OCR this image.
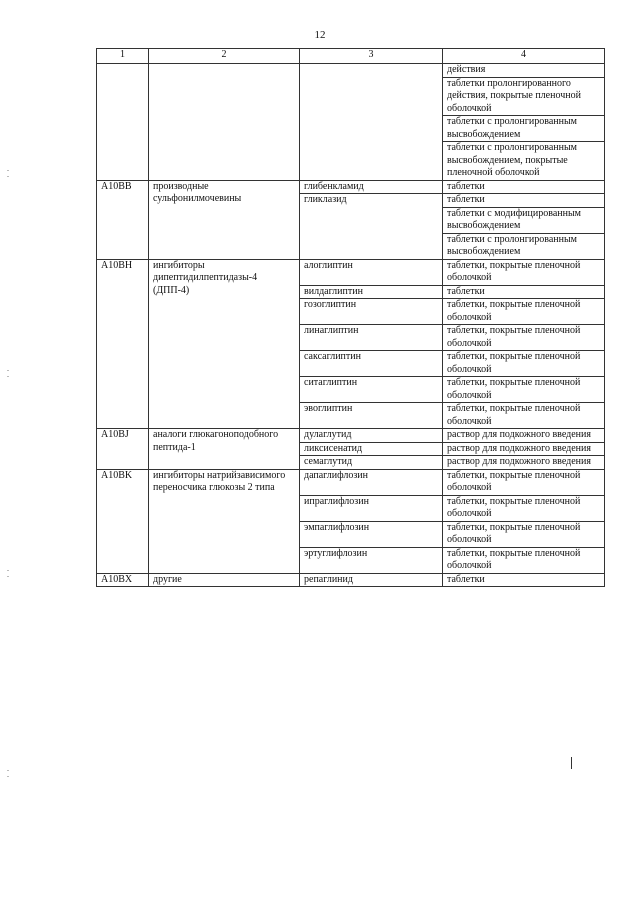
12
1	2	3	4
			действия
			таблетки пролонгированного действия, покрытые пленочной оболочкой
			таблетки с пролонгированным высвобождением
			таблетки с пролонгированным высвобождением, покрытые пленочной оболочкой
A10BB	производные сульфонилмочевины	глибенкламид	таблетки
		гликлазид	таблетки
			таблетки с модифицированным высвобождением
			таблетки с пролонгированным высвобождением
A10BH	ингибиторы дипептидилпептидазы-4 (ДПП-4)	алоглиптин	таблетки, покрытые пленочной оболочкой
		вилдаглиптин	таблетки
		гозоглиптин	таблетки, покрытые пленочной оболочкой
		линаглиптин	таблетки, покрытые пленочной оболочкой
		саксаглиптин	таблетки, покрытые пленочной оболочкой
		ситаглиптин	таблетки, покрытые пленочной оболочкой
		эвоглиптин	таблетки, покрытые пленочной оболочкой
A10BJ	аналоги глюкагоноподобного пептида-1	дулаглутид	раствор для подкожного введения
		ликсисенатид	раствор для подкожного введения
		семаглутид	раствор для подкожного введения
A10BK	ингибиторы натрийзависимого переносчика глюкозы 2 типа	дапаглифлозин	таблетки, покрытые пленочной оболочкой
		ипраглифлозин	таблетки, покрытые пленочной оболочкой
		эмпаглифлозин	таблетки, покрытые пленочной оболочкой
		эртуглифлозин	таблетки, покрытые пленочной оболочкой
A10BX	другие	репаглинид	таблетки
